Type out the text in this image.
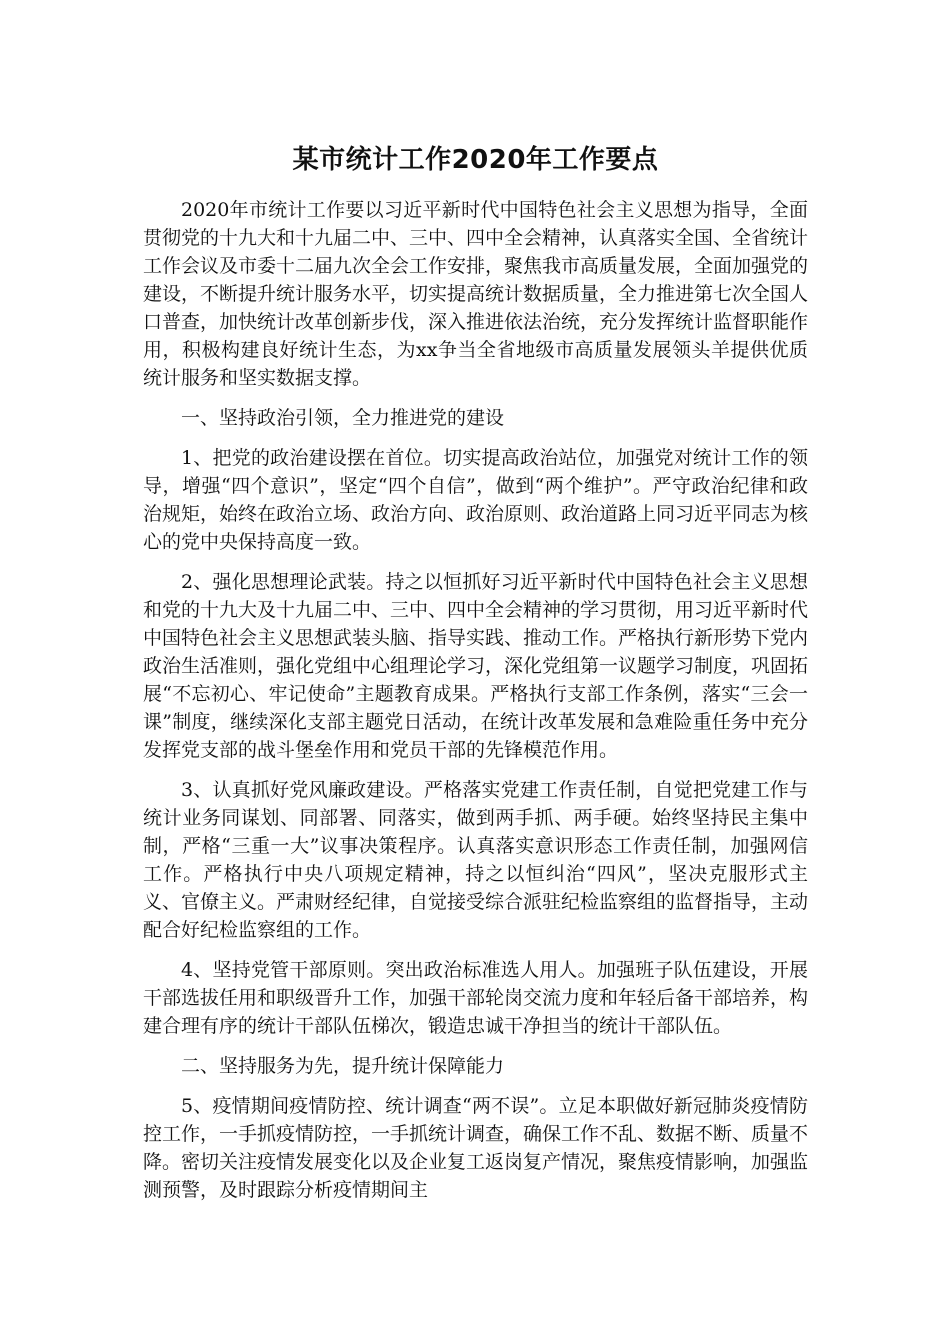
某市统计工作2020年工作要点

2020年市统计工作要以习近平新时代中国特色社会主义思想为指导，全面贯彻党的十九大和十九届二中、三中、四中全会精神，认真落实全国、全省统计工作会议及市委十二届九次全会工作安排，聚焦我市高质量发展，全面加强党的建设，不断提升统计服务水平，切实提高统计数据质量，全力推进第七次全国人口普查，加快统计改革创新步伐，深入推进依法治统，充分发挥统计监督职能作用，积极构建良好统计生态，为xx争当全省地级市高质量发展领头羊提供优质统计服务和坚实数据支撑。

一、坚持政治引领，全力推进党的建设

1、把党的政治建设摆在首位。切实提高政治站位，加强党对统计工作的领导，增强“四个意识”，坚定“四个自信”，做到“两个维护”。严守政治纪律和政治规矩，始终在政治立场、政治方向、政治原则、政治道路上同习近平同志为核心的党中央保持高度一致。

2、强化思想理论武装。持之以恒抓好习近平新时代中国特色社会主义思想和党的十九大及十九届二中、三中、四中全会精神的学习贯彻，用习近平新时代中国特色社会主义思想武装头脑、指导实践、推动工作。严格执行新形势下党内政治生活准则，强化党组中心组理论学习，深化党组第一议题学习制度，巩固拓展“不忘初心、牢记使命”主题教育成果。严格执行支部工作条例，落实“三会一课”制度，继续深化支部主题党日活动，在统计改革发展和急难险重任务中充分发挥党支部的战斗堡垒作用和党员干部的先锋模范作用。

3、认真抓好党风廉政建设。严格落实党建工作责任制，自觉把党建工作与统计业务同谋划、同部署、同落实，做到两手抓、两手硬。始终坚持民主集中制，严格“三重一大”议事决策程序。认真落实意识形态工作责任制，加强网信工作。严格执行中央八项规定精神，持之以恒纠治“四风”，坚决克服形式主义、官僚主义。严肃财经纪律，自觉接受综合派驻纪检监察组的监督指导，主动配合好纪检监察组的工作。

4、坚持党管干部原则。突出政治标准选人用人。加强班子队伍建设，开展干部选拔任用和职级晋升工作，加强干部轮岗交流力度和年轻后备干部培养，构建合理有序的统计干部队伍梯次，锻造忠诚干净担当的统计干部队伍。

二、坚持服务为先，提升统计保障能力

5、疫情期间疫情防控、统计调查“两不误”。立足本职做好新冠肺炎疫情防控工作，一手抓疫情防控，一手抓统计调查，确保工作不乱、数据不断、质量不降。密切关注疫情发展变化以及企业复工返岗复产情况，聚焦疫情影响，加强监测预警，及时跟踪分析疫情期间主
